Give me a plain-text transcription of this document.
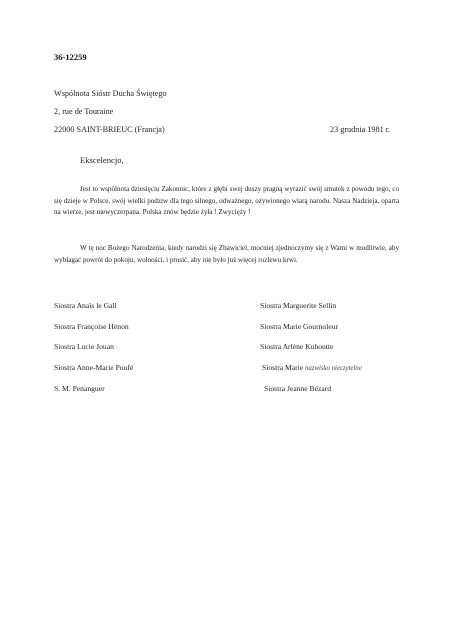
36-12259
Wspólnota Sióstr Ducha Świętego
2, rue de Touraine
22000 SAINT-BRIEUC (Francja)	23 grudnia 1981 r.
Ekscelencjo,
Jest to wspólnota dziesięciu Zakonnic, które z głębi swej duszy pragną wyrazić swój smutek z powodu tego, co się dzieje w Polsce, swój wielki podziw dla tego silnego, odważnego, ożywionego wiarą narodu. Nasza Nadzieja, oparta na wierze, jest niewyczerpana. Polska znów będzie żyła ! Zwycięży !
W tę noc Bożego Narodzenia, kiedy narodzi się Zbawiciel, mocniej zjednoczymy się z Wami w modlitwie, aby wybłagać powrót do pokoju, wolności, i prosić, aby nie było już więcej rozlewu krwi.
Siostra Anaïs le Gall
Siostra Françoise Hénon
Siostra Lucie Jouan
Siostra Anne-Marie Poufé
S. M. Penanguer
Siostra Marguerite Sellin
Siostra Marie Gournoleur
Siostra Arlène Kuhoutte
Siostra Marie nazwisko nieczytelne
Siostra Jeanne Bézard
